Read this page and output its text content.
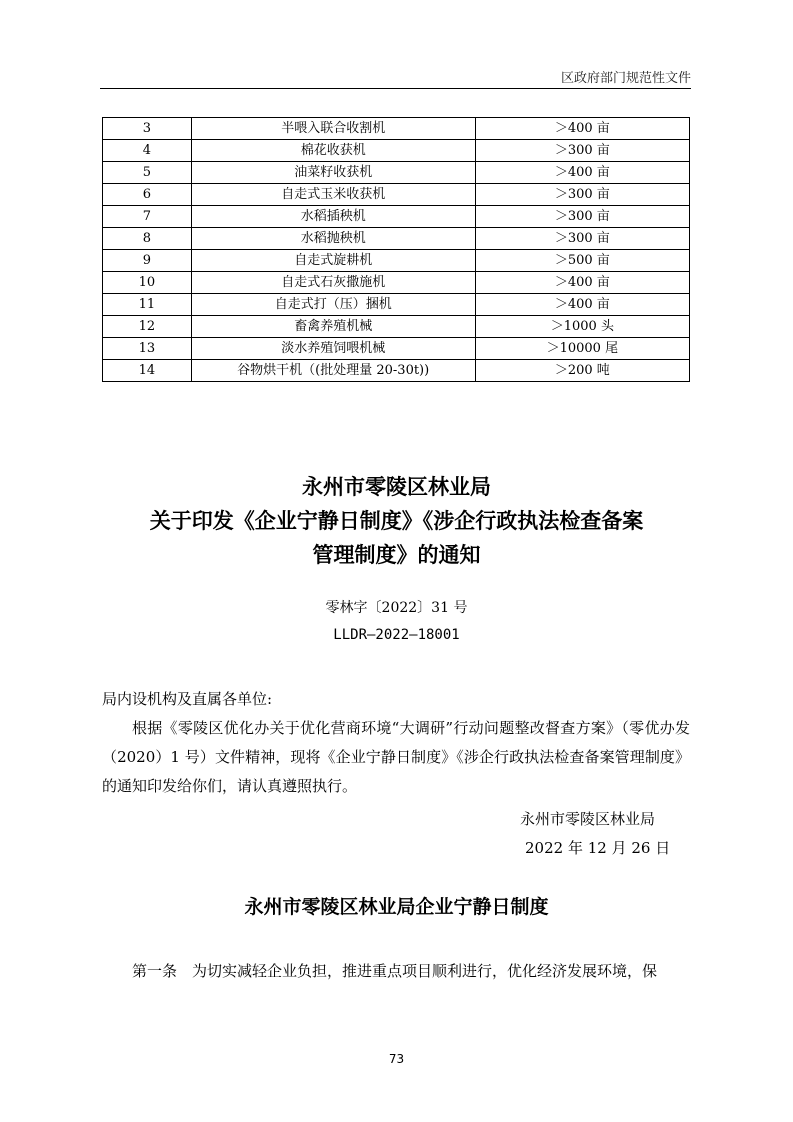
区政府部门规范性文件
3	半喂入联合收割机	＞400 亩
4	棉花收获机	＞300 亩
5	油菜籽收获机	＞400 亩
6	自走式玉米收获机	＞300 亩
7	水稻插秧机	＞300 亩
8	水稻抛秧机	＞300 亩
9	自走式旋耕机	＞500 亩
10	自走式石灰撒施机	＞400 亩
11	自走式打（压）捆机	＞400 亩
12	畜禽养殖机械	＞1000 头
13	淡水养殖饲喂机械	＞10000 尾
14	谷物烘干机（(批处理量 20-30t))	＞200 吨
永州市零陵区林业局
关于印发《企业宁静日制度》《涉企行政执法检查备案
管理制度》的通知
零林字〔2022〕31 号
LLDR—2022—18001
局内设机构及直属各单位:
根据《零陵区优化办关于优化营商环境“大调研”行动问题整改督查方案》（零优办发（2020）1 号）文件精神，现将《企业宁静日制度》《涉企行政执法检查备案管理制度》的通知印发给你们，请认真遵照执行。
永州市零陵区林业局
2022 年 12 月 26 日
永州市零陵区林业局企业宁静日制度
第一条　为切实减轻企业负担，推进重点项目顺利进行，优化经济发展环境，保
73
